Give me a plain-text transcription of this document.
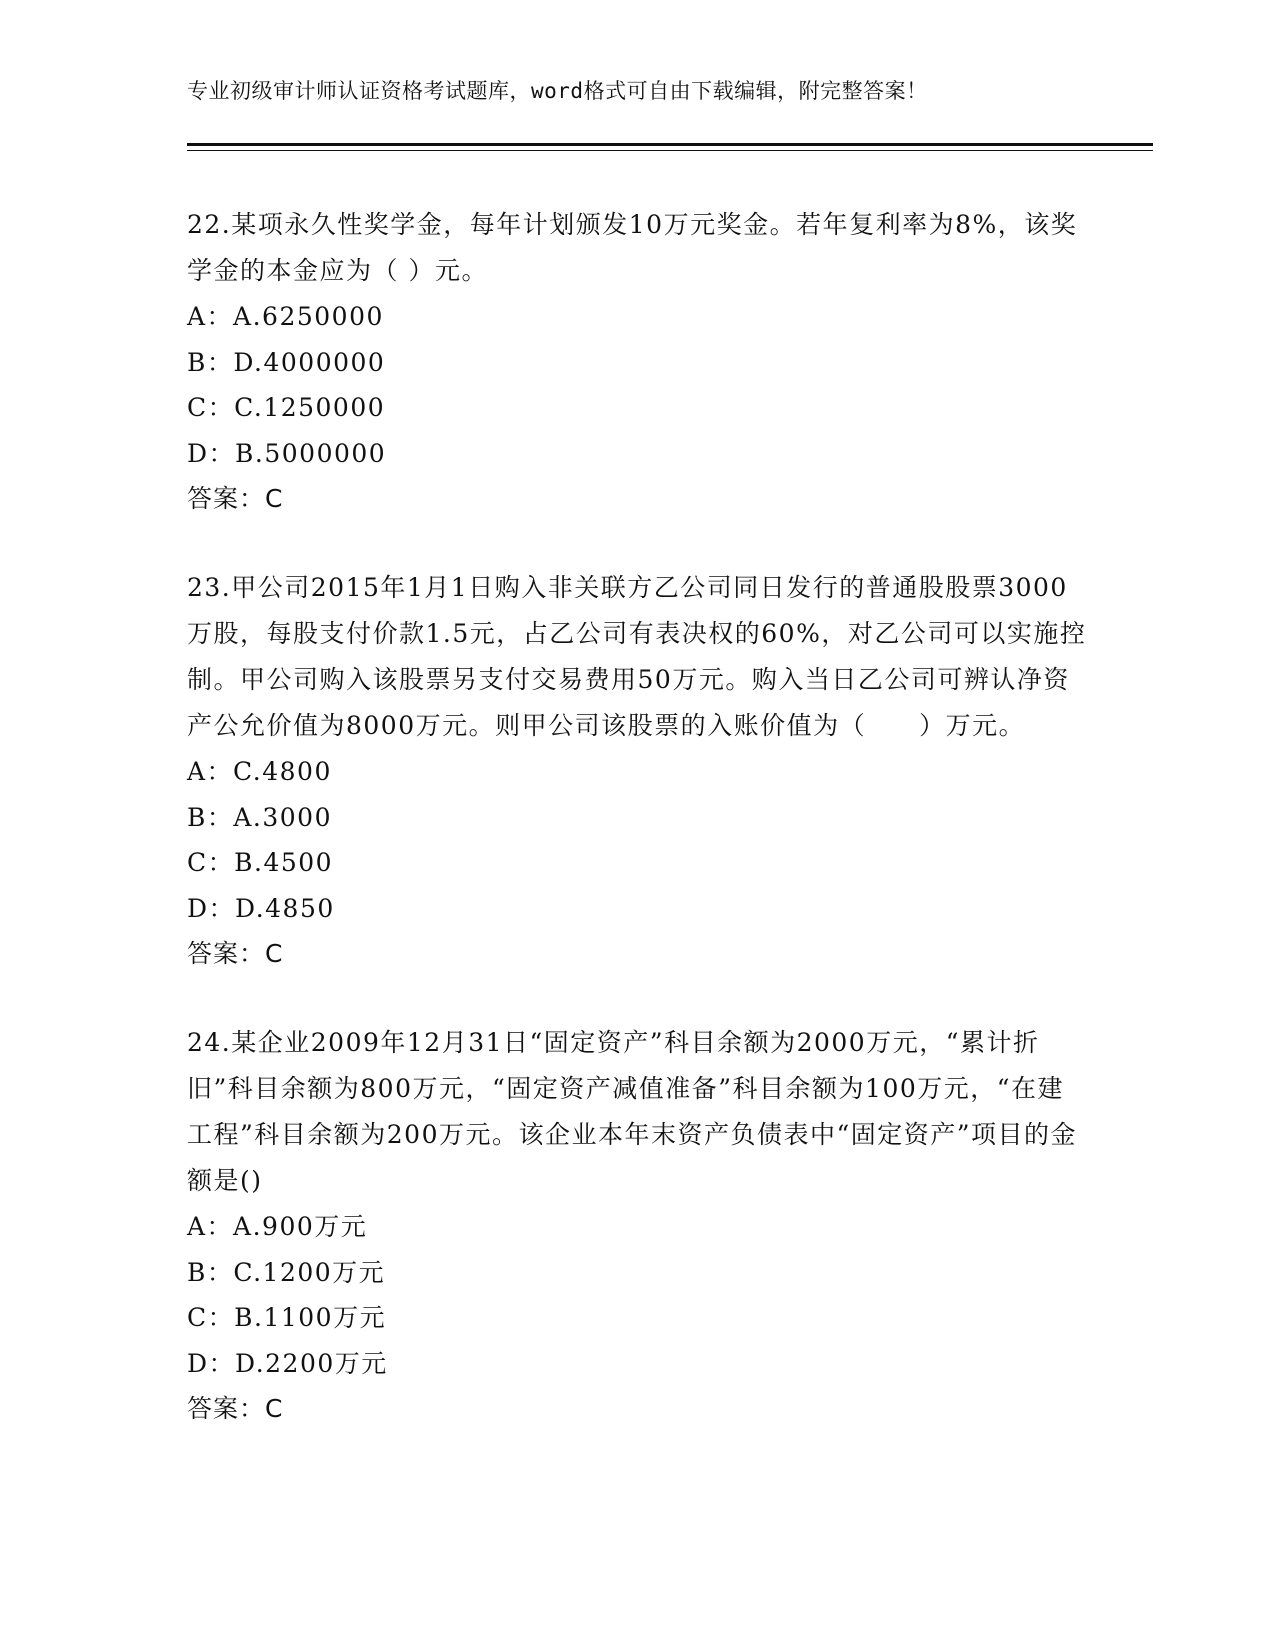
专业初级审计师认证资格考试题库，word格式可自由下载编辑，附完整答案！

22.某项永久性奖学金，每年计划颁发10万元奖金。若年复利率为8%，该奖学金的本金应为（ ）元。

A：A.6250000

B：D.4000000

C：C.1250000

D：B.5000000

答案：C

23.甲公司2015年1月1日购入非关联方乙公司同日发行的普通股股票3000万股，每股支付价款1.5元，占乙公司有表决权的60%，对乙公司可以实施控制。甲公司购入该股票另支付交易费用50万元。购入当日乙公司可辨认净资产公允价值为8000万元。则甲公司该股票的入账价值为（　　）万元。

A：C.4800

B：A.3000

C：B.4500

D：D.4850

答案：C

24.某企业2009年12月31日“固定资产”科目余额为2000万元，“累计折旧”科目余额为800万元，“固定资产减值准备”科目余额为100万元，“在建工程”科目余额为200万元。该企业本年末资产负债表中“固定资产”项目的金额是()

A：A.900万元

B：C.1200万元

C：B.1100万元

D：D.2200万元

答案：C
